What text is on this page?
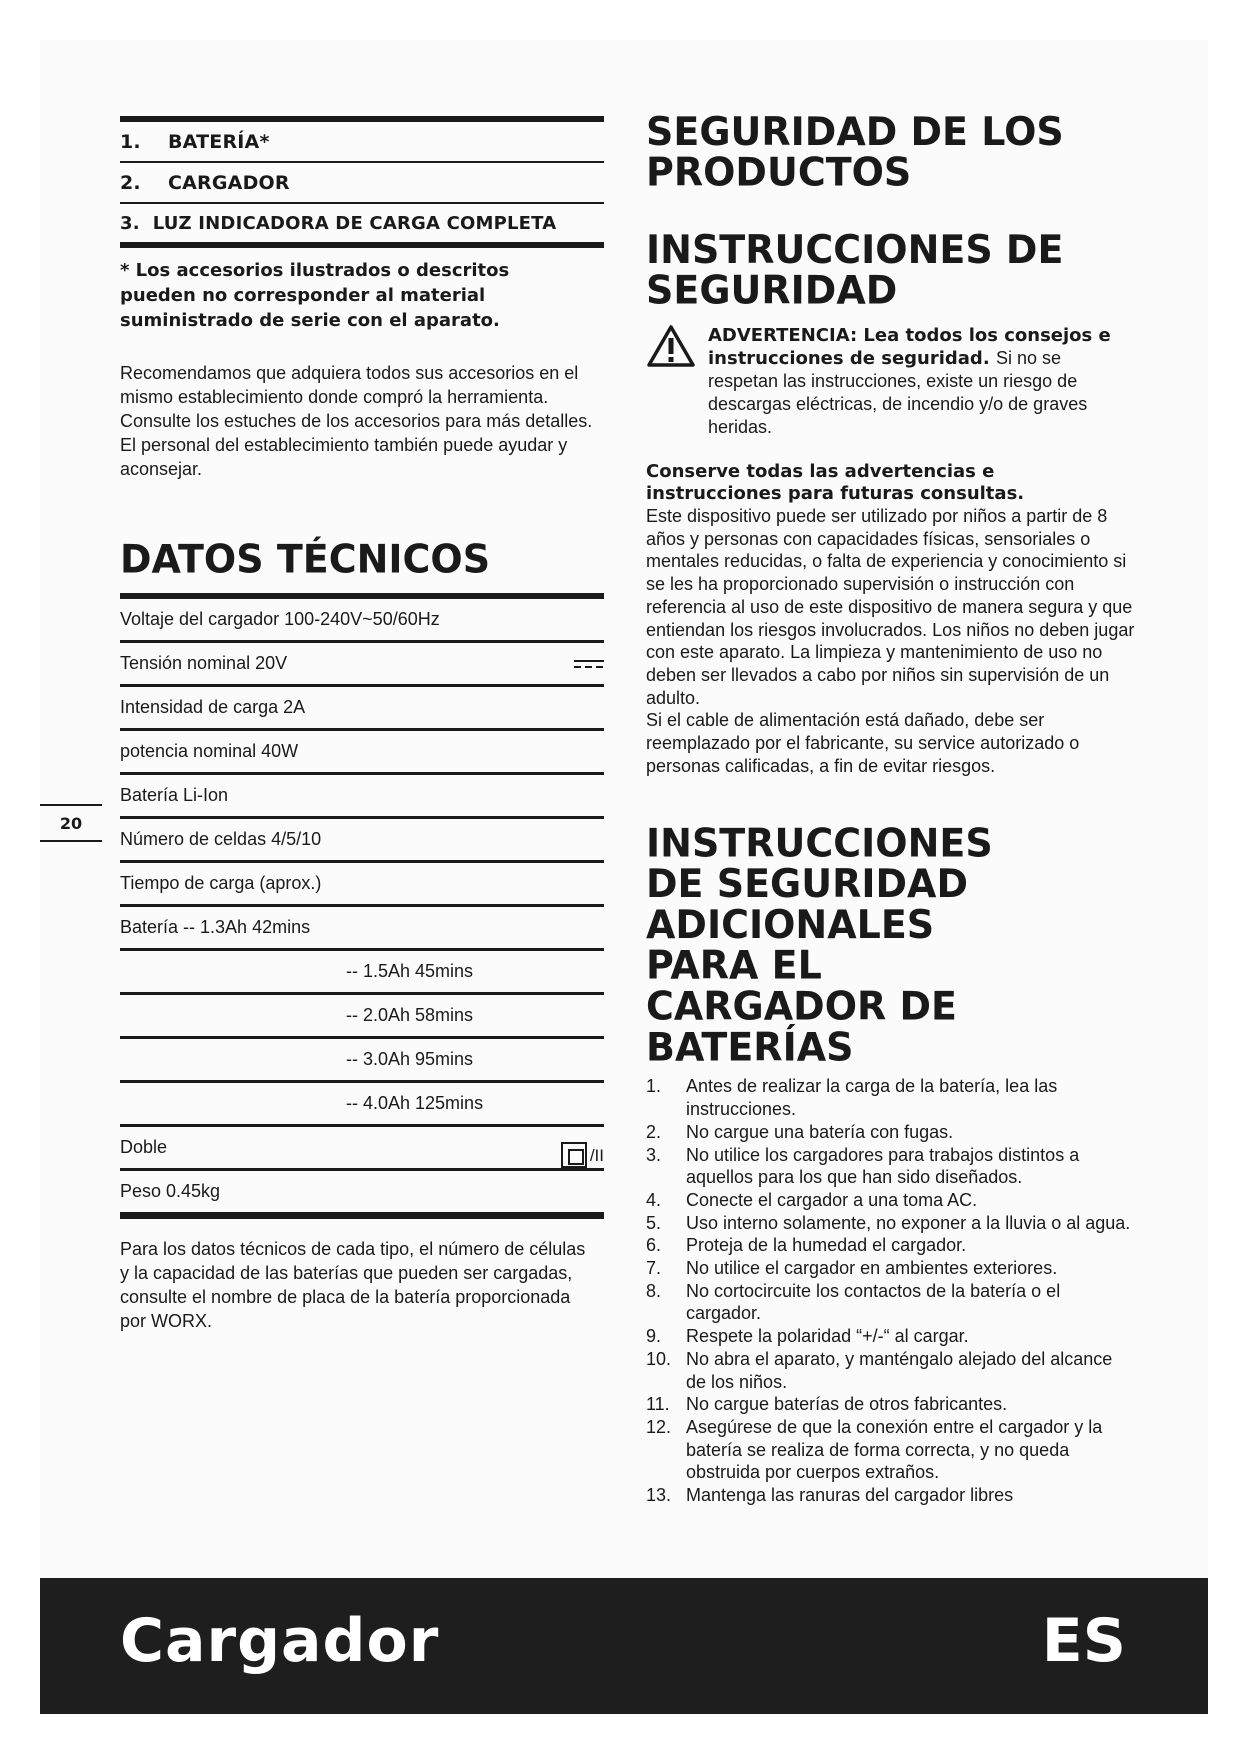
1. BATERÍA*
2. CARGADOR
3. LUZ INDICADORA DE CARGA COMPLETA
* Los accesorios ilustrados o descritos pueden no corresponder al material suministrado de serie con el aparato.
Recomendamos que adquiera todos sus accesorios en el mismo establecimiento donde compró la herramienta. Consulte los estuches de los accesorios para más detalles. El personal del establecimiento también puede ayudar y aconsejar.
DATOS TÉCNICOS
Voltaje del cargador 100-240V~50/60Hz
Tensión nominal 20V
Intensidad de carga 2A
potencia nominal 40W
Batería Li-Ion
Número de celdas 4/5/10
Tiempo de carga (aprox.)
Batería -- 1.3Ah 42mins
-- 1.5Ah 45mins
-- 2.0Ah 58mins
-- 3.0Ah 95mins
-- 4.0Ah 125mins
Doble	/II
Peso 0.45kg
Para los datos técnicos de cada tipo, el número de células y la capacidad de las baterías que pueden ser cargadas, consulte el nombre de placa de la batería proporcionada por WORX.
20
SEGURIDAD DE LOS PRODUCTOS
INSTRUCCIONES DE SEGURIDAD
ADVERTENCIA: Lea todos los consejos e instrucciones de seguridad. Si no se respetan las instrucciones, existe un riesgo de descargas eléctricas, de incendio y/o de graves heridas.
Conserve todas las advertencias e instrucciones para futuras consultas.
Este dispositivo puede ser utilizado por niños a partir de 8 años y personas con capacidades físicas, sensoriales o mentales reducidas, o falta de experiencia y conocimiento si se les ha proporcionado supervisión o instrucción con referencia al uso de este dispositivo de manera segura y que entiendan los riesgos involucrados. Los niños no deben jugar con este aparato. La limpieza y mantenimiento de uso no deben ser llevados a cabo por niños sin supervisión de un adulto.
Si el cable de alimentación está dañado, debe ser reemplazado por el fabricante, su service autorizado o personas calificadas, a fin de evitar riesgos.
INSTRUCCIONES DE SEGURIDAD ADICIONALES PARA EL CARGADOR DE BATERÍAS
1. Antes de realizar la carga de la batería, lea las instrucciones.
2. No cargue una batería con fugas.
3. No utilice los cargadores para trabajos distintos a aquellos para los que han sido diseñados.
4. Conecte el cargador a una toma AC.
5. Uso interno solamente, no exponer a la lluvia o al agua.
6. Proteja de la humedad el cargador.
7. No utilice el cargador en ambientes exteriores.
8. No cortocircuite los contactos de la batería o el cargador.
9. Respete la polaridad “+/-“ al cargar.
10. No abra el aparato, y manténgalo alejado del alcance de los niños.
11. No cargue baterías de otros fabricantes.
12. Asegúrese de que la conexión entre el cargador y la batería se realiza de forma correcta, y no queda obstruida por cuerpos extraños.
13. Mantenga las ranuras del cargador libres
Cargador	ES
